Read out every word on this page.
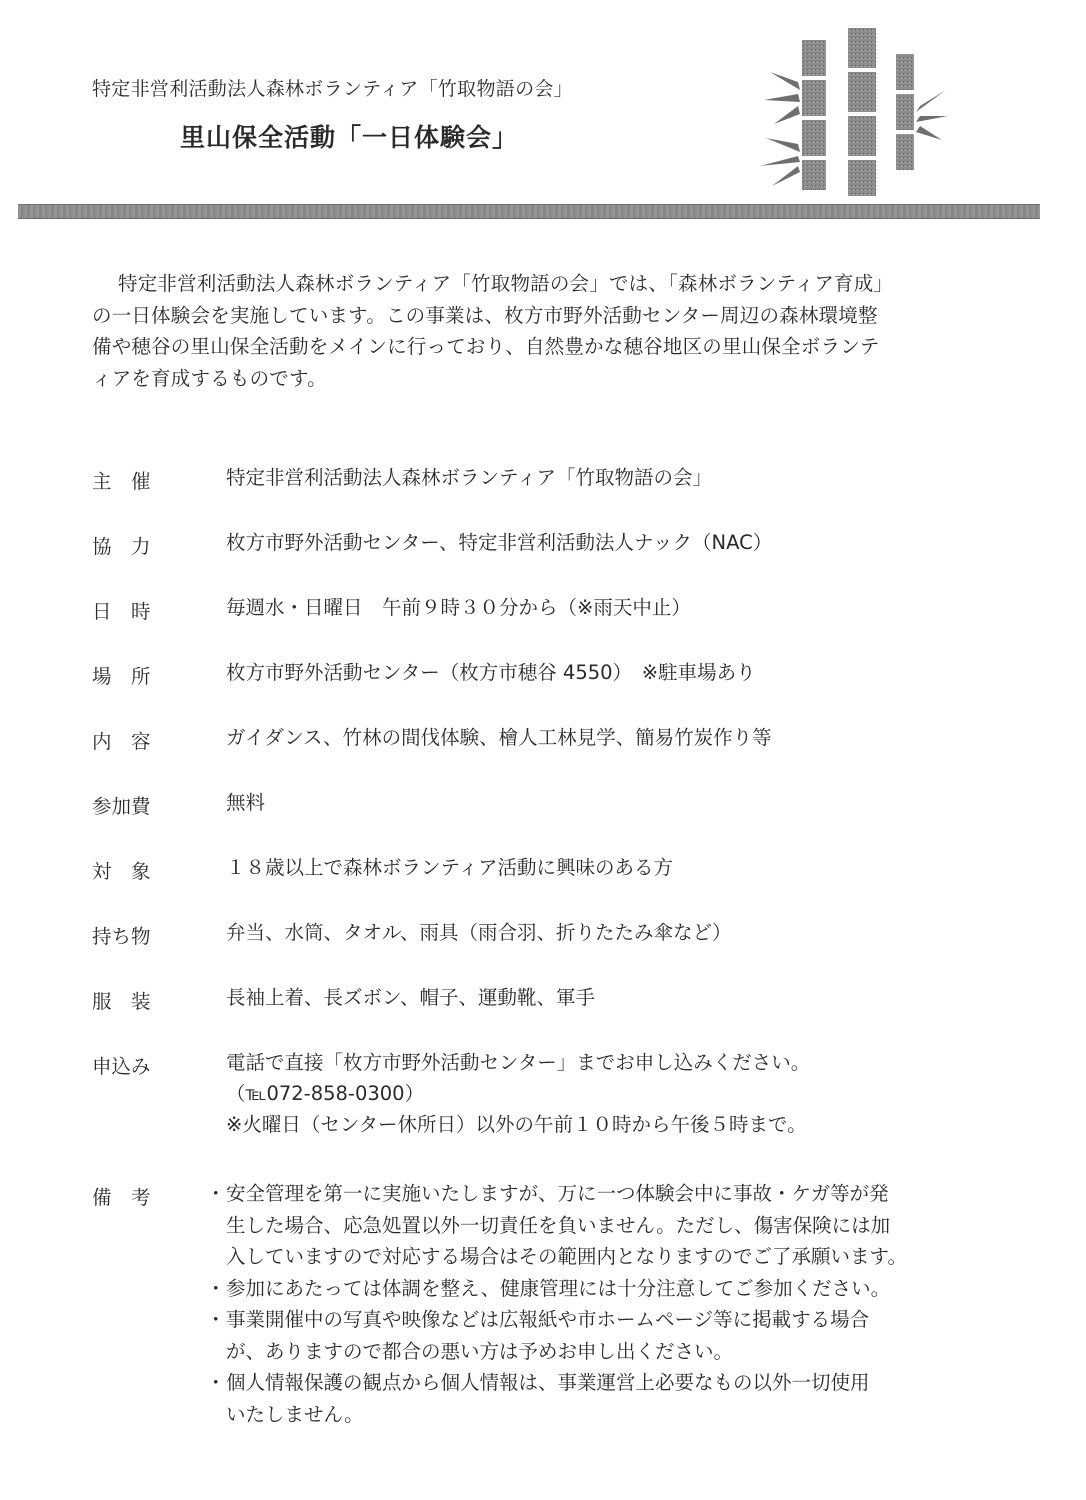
特定非営利活動法人森林ボランティア「竹取物語の会」
里山保全活動「一日体験会」

特定非営利活動法人森林ボランティア「竹取物語の会」では、「森林ボランティア育成」

の一日体験会を実施しています。この事業は、枚方市野外活動センター周辺の森林環境整

備や穂谷の里山保全活動をメインに行っており、自然豊かな穂谷地区の里山保全ボランテ

ィアを育成するものです。

主　催	特定非営利活動法人森林ボランティア「竹取物語の会」
協　力	枚方市野外活動センター、特定非営利活動法人ナック（NAC）
日　時	毎週水・日曜日　午前９時３０分から（※雨天中止）
場　所	枚方市野外活動センター（枚方市穂谷 4550）　※駐車場あり
内　容	ガイダンス、竹林の間伐体験、檜人工林見学、簡易竹炭作り等
参加費	無料
対　象	１８歳以上で森林ボランティア活動に興味のある方
持ち物	弁当、水筒、タオル、雨具（雨合羽、折りたたみ傘など）
服　装	長袖上着、長ズボン、帽子、運動靴、軍手
申込み	電話で直接「枚方市野外活動センター」までお申し込みください。
（℡072-858-0300）
※火曜日（センター休所日）以外の午前１０時から午後５時まで。
備　考	・ 安全管理を第一に実施いたしますが、万に一つ体験会中に事故・ケガ等が発
生した場合、応急処置以外一切責任を負いません。ただし、傷害保険には加
入していますので対応する場合はその範囲内となりますのでご了承願います。
・ 参加にあたっては体調を整え、健康管理には十分注意してご参加ください。
・ 事業開催中の写真や映像などは広報紙や市ホームページ等に掲載する場合
が、ありますので都合の悪い方は予めお申し出ください。
・ 個人情報保護の観点から個人情報は、事業運営上必要なもの以外一切使用
いたしません。
